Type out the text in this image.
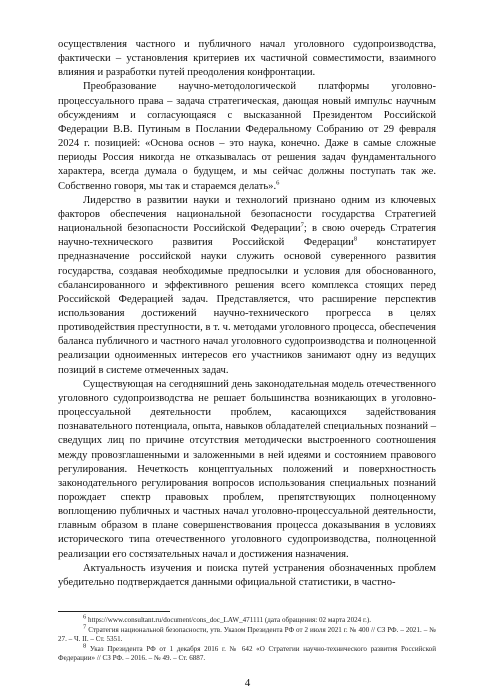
осуществления частного и публичного начал уголовного судопроизводства, фактически – установления критериев их частичной совместимости, взаимного влияния и разработки путей преодоления конфронтации.

Преобразование научно-методологической платформы уголовно-процессуального права – задача стратегическая, дающая новый импульс научным обсуждениям и согласующаяся с высказанной Президентом Российской Федерации В.В. Путиным в Послании Федеральному Собранию от 29 февраля 2024 г. позицией: «Основа основ – это наука, конечно. Даже в самые сложные периоды Россия никогда не отказывалась от решения задач фундаментального характера, всегда думала о будущем, и мы сейчас должны поступать так же. Собственно говоря, мы так и стараемся делать».$^6$

Лидерство в развитии науки и технологий признано одним из ключевых факторов обеспечения национальной безопасности государства Стратегией национальной безопасности Российской Федерации$^7$; в свою очередь Стратегия научно-технического развития Российской Федерации$^8$ констатирует предназначение российской науки служить основой суверенного развития государства, создавая необходимые предпосылки и условия для обоснованного, сбалансированного и эффективного решения всего комплекса стоящих перед Российской Федерацией задач. Представляется, что расширение перспектив использования достижений научно-технического прогресса в целях противодействия преступности, в т. ч. методами уголовного процесса, обеспечения баланса публичного и частного начал уголовного судопроизводства и полноценной реализации одноименных интересов его участников занимают одну из ведущих позиций в системе отмеченных задач.

Существующая на сегодняшний день законодательная модель отечественного уголовного судопроизводства не решает большинства возникающих в уголовно-процессуальной деятельности проблем, касающихся задействования познавательного потенциала, опыта, навыков обладателей специальных познаний – сведущих лиц по причине отсутствия методически выстроенного соотношения между провозглашенными и заложенными в ней идеями и состоянием правового регулирования. Нечеткость концептуальных положений и поверхностность законодательного регулирования вопросов использования специальных познаний порождает спектр правовых проблем, препятствующих полноценному воплощению публичных и частных начал уголовно-процессуальной деятельности, главным образом в плане совершенствования процесса доказывания в условиях исторического типа отечественного уголовного судопроизводства, полноценной реализации его состязательных начал и достижения назначения.

Актуальность изучения и поиска путей устранения обозначенных проблем убедительно подтверждается данными официальной статистики, в частно-

$^6$ https://www.consultant.ru/document/cons_doc_LAW_471111 (дата обращения: 02 марта 2024 г.).

$^7$ Стратегия национальной безопасности, утв. Указом Президента РФ от 2 июля 2021 г. № 400 // СЗ РФ. – 2021. – № 27. – Ч. II. – Ст. 5351.

$^8$ Указ Президента РФ от 1 декабря 2016 г. № 642 «О Стратегии научно-технического развития Российской Федерации» // СЗ РФ. – 2016. – № 49. – Ст. 6887.

4
